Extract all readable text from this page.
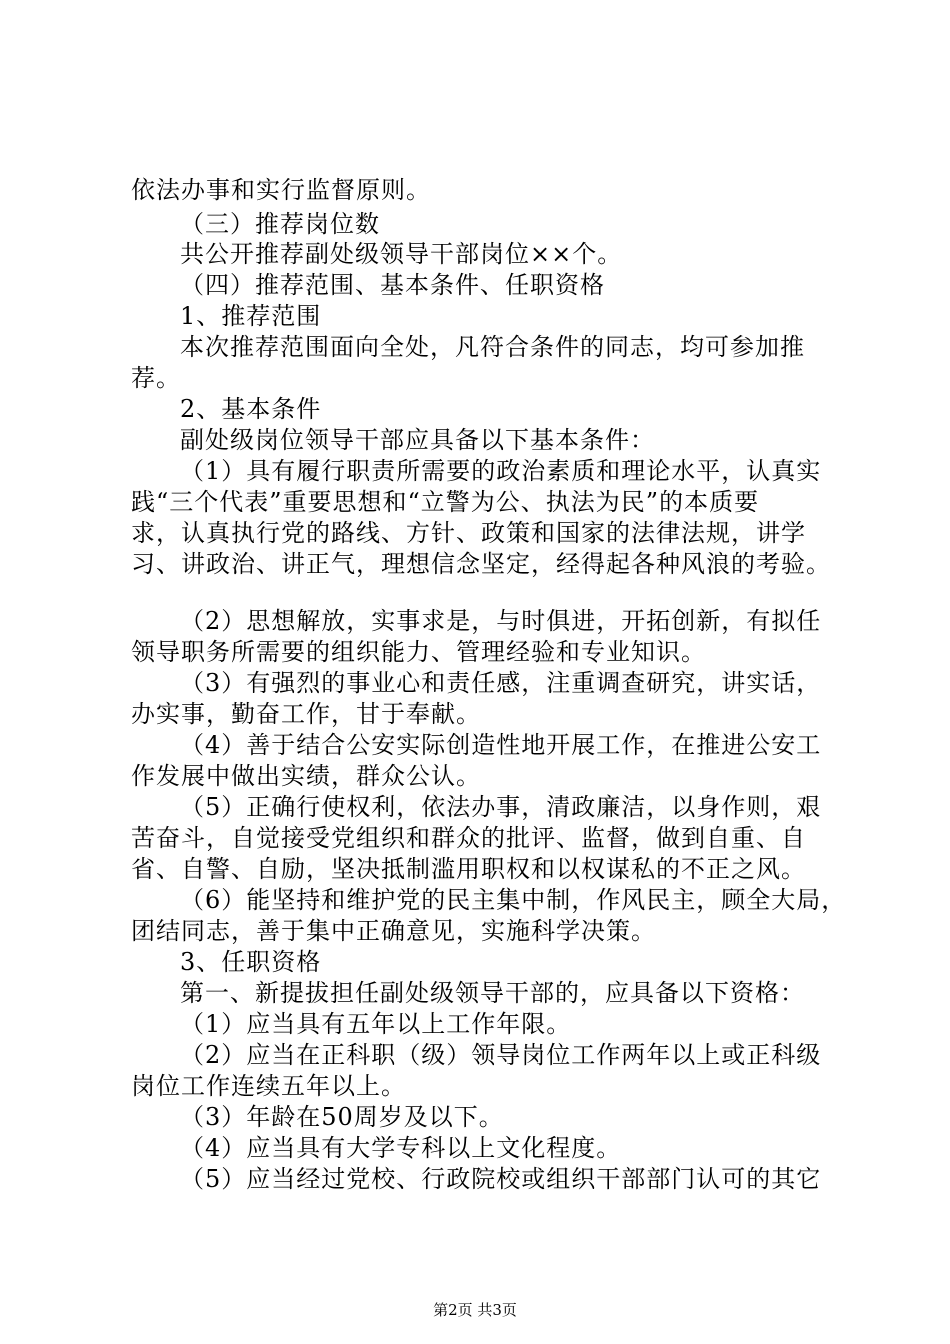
依法办事和实行监督原则。
（三）推荐岗位数
共公开推荐副处级领导干部岗位××个。
（四）推荐范围、基本条件、任职资格
1、推荐范围
本次推荐范围面向全处，凡符合条件的同志，均可参加推
荐。
2、基本条件
副处级岗位领导干部应具备以下基本条件：
（1）具有履行职责所需要的政治素质和理论水平，认真实
践“三个代表”重要思想和“立警为公、执法为民”的本质要
求，认真执行党的路线、方针、政策和国家的法律法规，讲学
习、讲政治、讲正气，理想信念坚定，经得起各种风浪的考验。
（2）思想解放，实事求是，与时俱进，开拓创新，有拟任
领导职务所需要的组织能力、管理经验和专业知识。
（3）有强烈的事业心和责任感，注重调查研究，讲实话，
办实事，勤奋工作，甘于奉献。
（4）善于结合公安实际创造性地开展工作，在推进公安工
作发展中做出实绩，群众公认。
（5）正确行使权利，依法办事，清政廉洁，以身作则，艰
苦奋斗，自觉接受党组织和群众的批评、监督，做到自重、自
省、自警、自励，坚决抵制滥用职权和以权谋私的不正之风。
（6）能坚持和维护党的民主集中制，作风民主，顾全大局，
团结同志，善于集中正确意见，实施科学决策。
3、任职资格
第一、新提拔担任副处级领导干部的，应具备以下资格：
（1）应当具有五年以上工作年限。
（2）应当在正科职（级）领导岗位工作两年以上或正科级
岗位工作连续五年以上。
（3）年龄在50周岁及以下。
（4）应当具有大学专科以上文化程度。
（5）应当经过党校、行政院校或组织干部部门认可的其它
第2页 共3页
